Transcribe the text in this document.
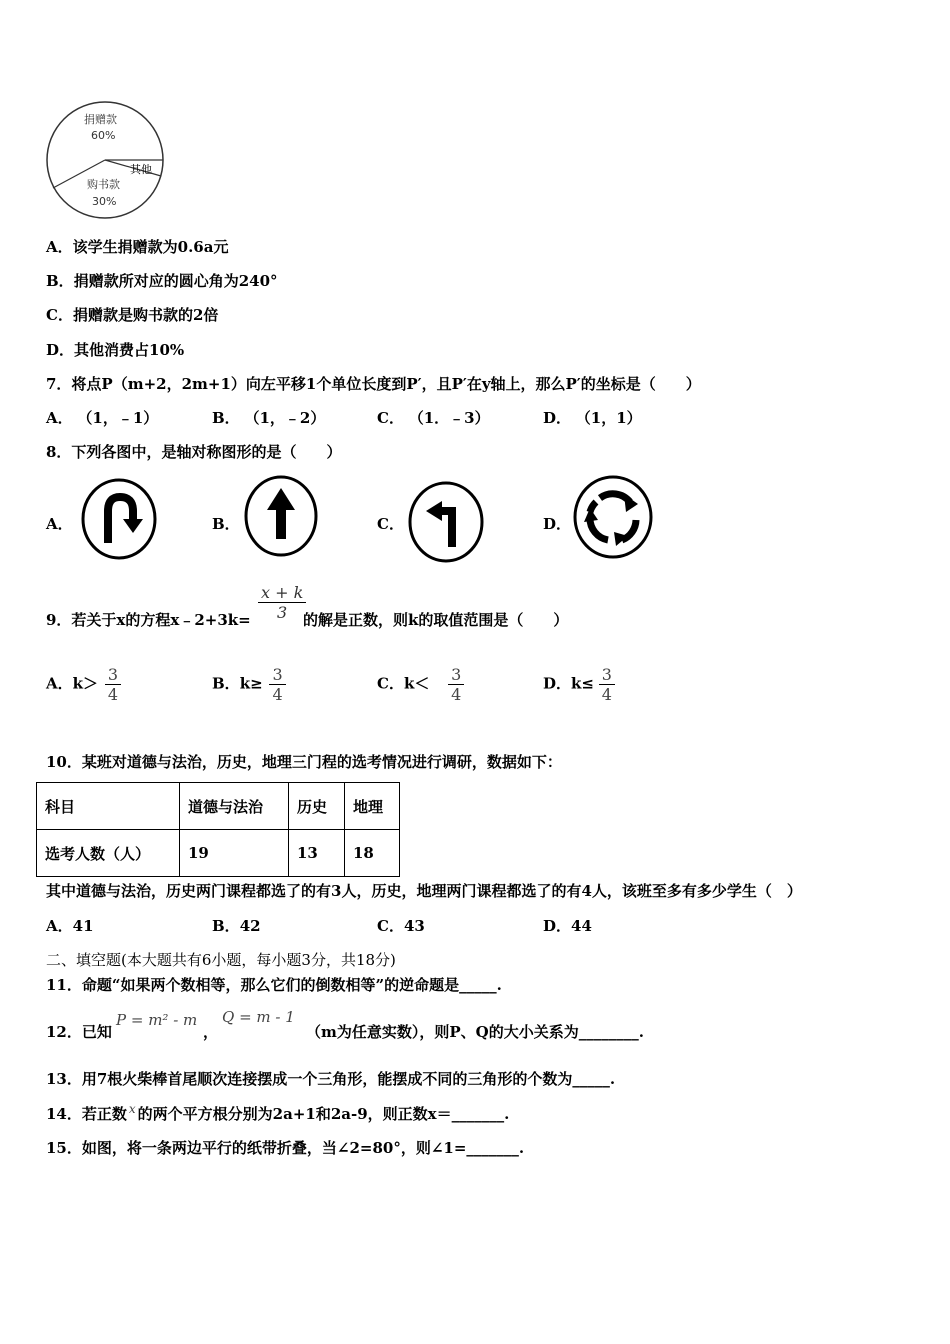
捐赠款
60%
其他
购书款
30%
A．该学生捐赠款为0.6a元
B．捐赠款所对应的圆心角为240°
C．捐赠款是购书款的2倍
D．其他消费占10%
7．将点P（m+2，2m+1）向左平移1个单位长度到P′，且P′在y轴上，那么P′的坐标是（　　）
A． （1，﹣1）	B． （1，﹣2）	C． （1．﹣3）	D． （1，1）
8．下列各图中，是轴对称图形的是（　　）
A．	B．	C．	D．
9．若关于x的方程x﹣2+3k= $\frac{x + k}{3}$
的解是正数，则k的取值范围是（　　）
A．$k> \frac{3}{4}$	B．$k\ge \frac{3}{4}$	C．$k< \frac{3}{4}$	D．$k\le \frac{3}{4}$
10．某班对道德与法治，历史，地理三门程的选考情况进行调研，数据如下：
科目	道德与法治	历史	地理
选考人数（人）	19	13	18
其中道德与法治，历史两门课程都选了的有3人，历史，地理两门课程都选了的有4人，该班至多有多少学生（　）
A．41	B．42	C．43	D．44
二、填空题(本大题共有6小题，每小题3分，共18分)
11．命题“如果两个数相等，那么它们的倒数相等”的逆命题是_____.
12．已知
P = m² - m
，
Q = m - 1
（m为任意实数），则P、Q的大小关系为________.
13．用7根火柴棒首尾顺次连接摆成一个三角形，能摆成不同的三角形的个数为_____.
14．若正数 $^x$ 的两个平方根分别为2a+1和2a-9，则正数x＝_______.
15．如图，将一条两边平行的纸带折叠，当∠2=80°，则∠1=_______.
